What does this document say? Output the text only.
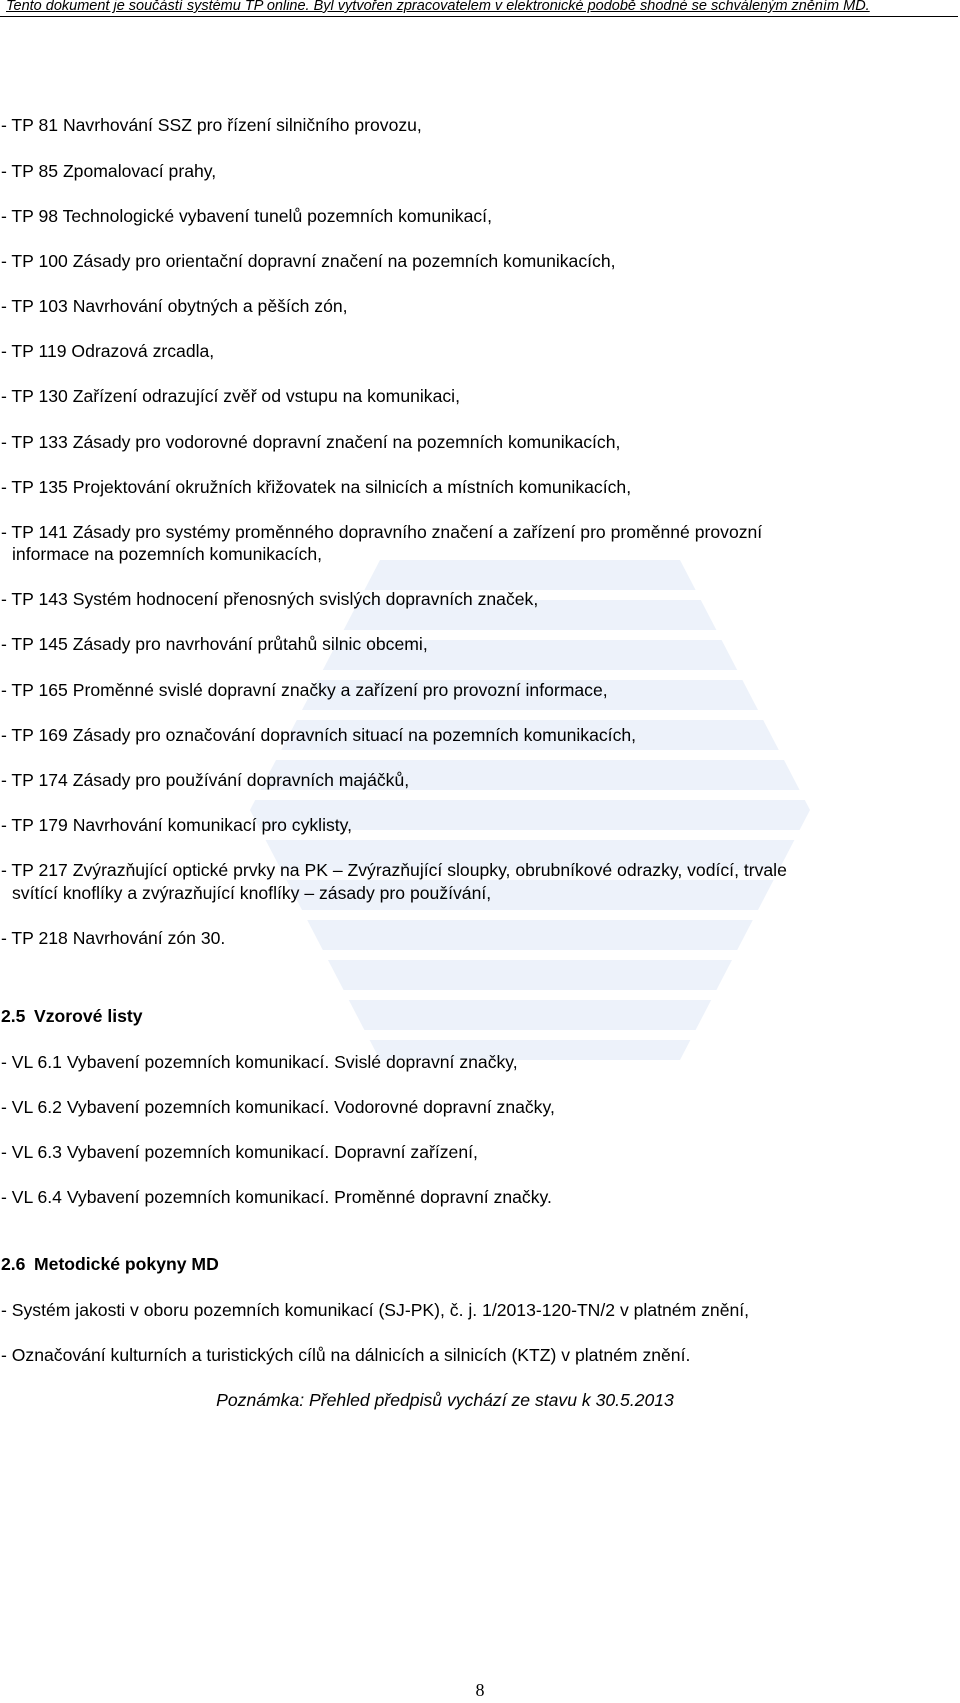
Tento dokument je součástí systému TP online. Byl vytvořen zpracovatelem v elektronické podobě shodné se schváleným zněním MD.
- TP 81 Navrhování SSZ pro řízení silničního provozu,
- TP 85 Zpomalovací prahy,
- TP 98 Technologické vybavení tunelů pozemních komunikací,
- TP 100 Zásady pro orientační dopravní značení na pozemních komunikacích,
- TP 103 Navrhování obytných a pěších zón,
- TP 119 Odrazová zrcadla,
- TP 130 Zařízení odrazující zvěř od vstupu na komunikaci,
- TP 133 Zásady pro vodorovné dopravní značení na pozemních komunikacích,
- TP 135 Projektování okružních křižovatek na silnicích a místních komunikacích,
- TP 141 Zásady pro systémy proměnného dopravního značení a zařízení pro proměnné provozní
informace na pozemních komunikacích,
- TP 143 Systém hodnocení přenosných svislých dopravních značek,
- TP 145 Zásady pro navrhování průtahů silnic obcemi,
- TP 165 Proměnné svislé dopravní značky a zařízení pro provozní informace,
- TP 169 Zásady pro označování dopravních situací na pozemních komunikacích,
- TP 174 Zásady pro používání dopravních majáčků,
- TP 179 Navrhování komunikací pro cyklisty,
- TP 217 Zvýrazňující optické prvky na PK – Zvýrazňující sloupky, obrubníkové odrazky, vodící, trvale
svítící knoflíky a zvýrazňující knoflíky – zásady pro používání,
- TP 218 Navrhování zón 30.
2.5 Vzorové listy
- VL 6.1 Vybavení pozemních komunikací. Svislé dopravní značky,
- VL 6.2 Vybavení pozemních komunikací. Vodorovné dopravní značky,
- VL 6.3 Vybavení pozemních komunikací. Dopravní zařízení,
- VL 6.4 Vybavení pozemních komunikací. Proměnné dopravní značky.
2.6 Metodické pokyny MD
- Systém jakosti v oboru pozemních komunikací (SJ-PK), č. j. 1/2013-120-TN/2 v platném znění,
- Označování kulturních a turistických cílů na dálnicích a silnicích (KTZ) v platném znění.
Poznámka: Přehled předpisů vychází ze stavu k 30.5.2013
8
